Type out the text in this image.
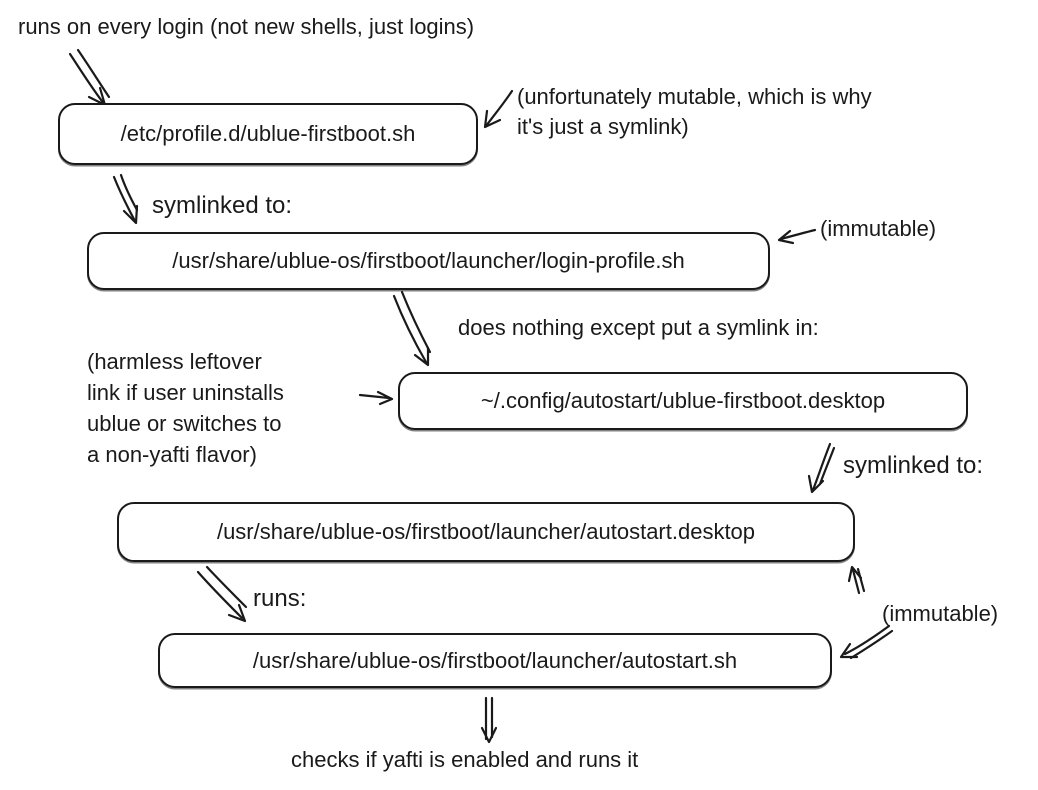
runs on every login (not new shells, just logins)
(unfortunately mutable, which is why
it's just a symlink)
symlinked to:
(immutable)
does nothing except put a symlink in:
(harmless leftover
link if user uninstalls
ublue or switches to
a non-yafti flavor)	symlinked to:
runs:
(immutable)
checks if yafti is enabled and runs it
/etc/profile.d/ublue-firstboot.sh
/usr/share/ublue-os/firstboot/launcher/login-profile.sh
~/.config/autostart/ublue-firstboot.desktop
/usr/share/ublue-os/firstboot/launcher/autostart.desktop
/usr/share/ublue-os/firstboot/launcher/autostart.sh
